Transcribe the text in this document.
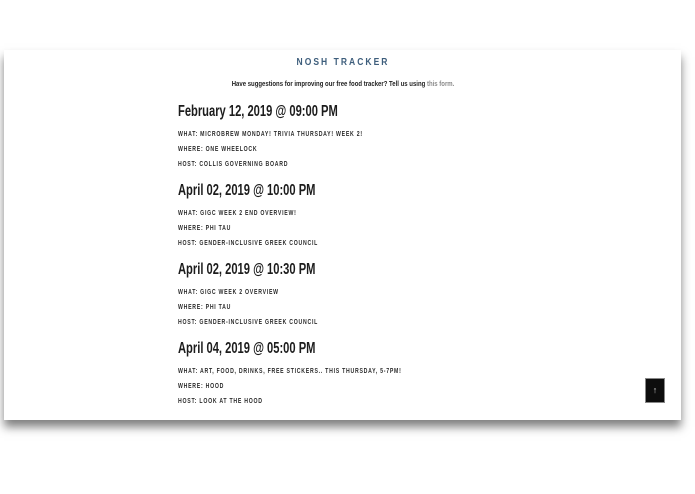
NOSH TRACKER

Have suggestions for improving our free food tracker? Tell us using this form.

February 12, 2019 @ 09:00 PM

WHAT: MICROBREW MONDAY! TRIVIA THURSDAY! WEEK 2!

WHERE: ONE WHEELOCK

HOST: COLLIS GOVERNING BOARD

April 02, 2019 @ 10:00 PM

WHAT: GIGC WEEK 2 END OVERVIEW!

WHERE: PHI TAU

HOST: GENDER-INCLUSIVE GREEK COUNCIL

April 02, 2019 @ 10:30 PM

WHAT: GIGC WEEK 2 OVERVIEW

WHERE: PHI TAU

HOST: GENDER-INCLUSIVE GREEK COUNCIL

April 04, 2019 @ 05:00 PM

WHAT: ART, FOOD, DRINKS, FREE STICKERS.. THIS THURSDAY, 5-7PM!

WHERE: HOOD

HOST: LOOK AT THE HOOD

↑
